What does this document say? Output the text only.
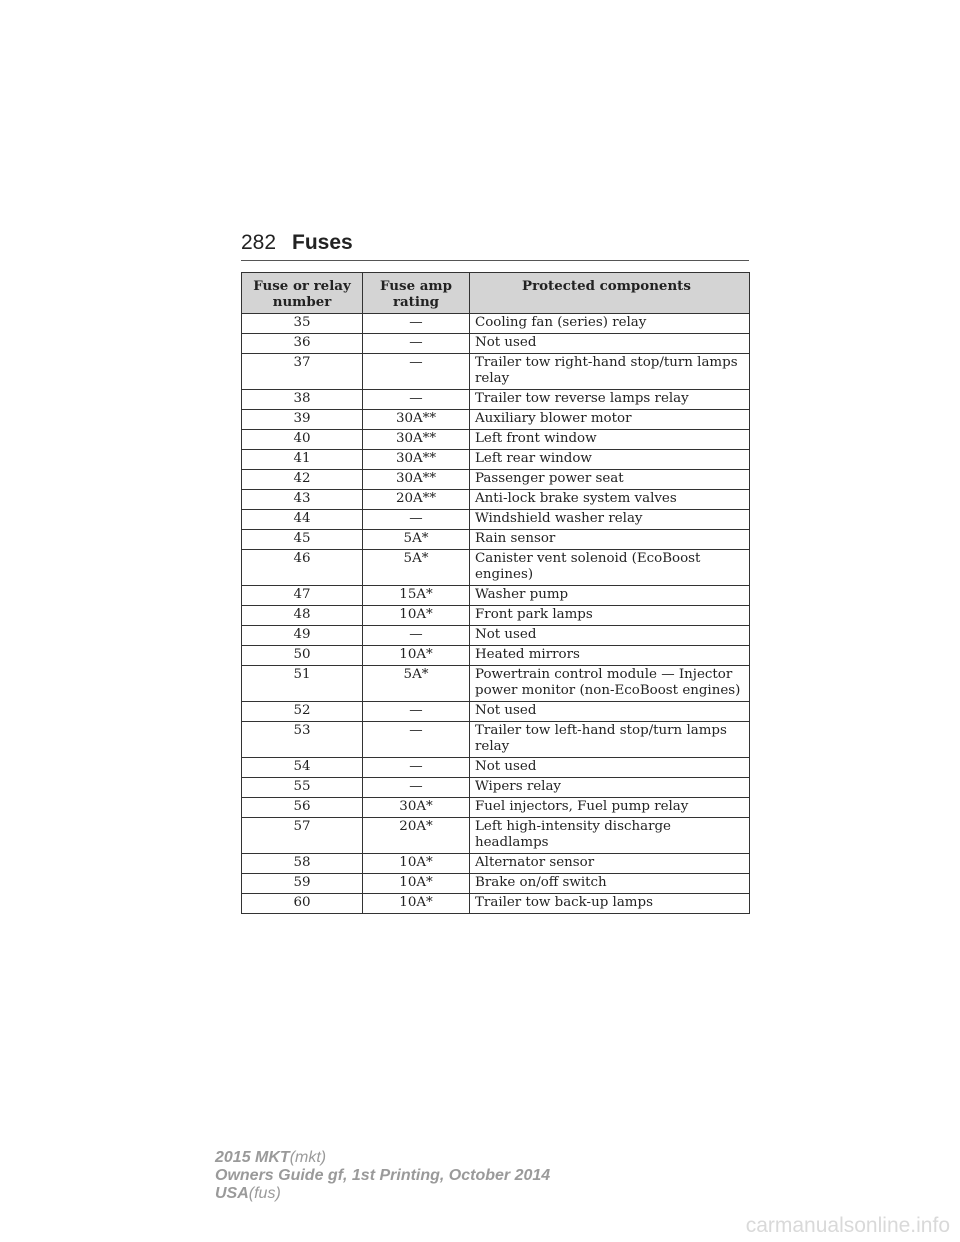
282 Fuses
Fuse or relay number	Fuse amp rating	Protected components
35	—	Cooling fan (series) relay
36	—	Not used
37	—	Trailer tow right-hand stop/turn lamps relay
38	—	Trailer tow reverse lamps relay
39	30A**	Auxiliary blower motor
40	30A**	Left front window
41	30A**	Left rear window
42	30A**	Passenger power seat
43	20A**	Anti-lock brake system valves
44	—	Windshield washer relay
45	5A*	Rain sensor
46	5A*	Canister vent solenoid (EcoBoost engines)
47	15A*	Washer pump
48	10A*	Front park lamps
49	—	Not used
50	10A*	Heated mirrors
51	5A*	Powertrain control module — Injector power monitor (non-EcoBoost engines)
52	—	Not used
53	—	Trailer tow left-hand stop/turn lamps relay
54	—	Not used
55	—	Wipers relay
56	30A*	Fuel injectors, Fuel pump relay
57	20A*	Left high-intensity discharge headlamps
58	10A*	Alternator sensor
59	10A*	Brake on/off switch
60	10A*	Trailer tow back-up lamps
2015 MKT(mkt)
Owners Guide gf, 1st Printing, October 2014
USA(fus)
carmanualsonline.info
